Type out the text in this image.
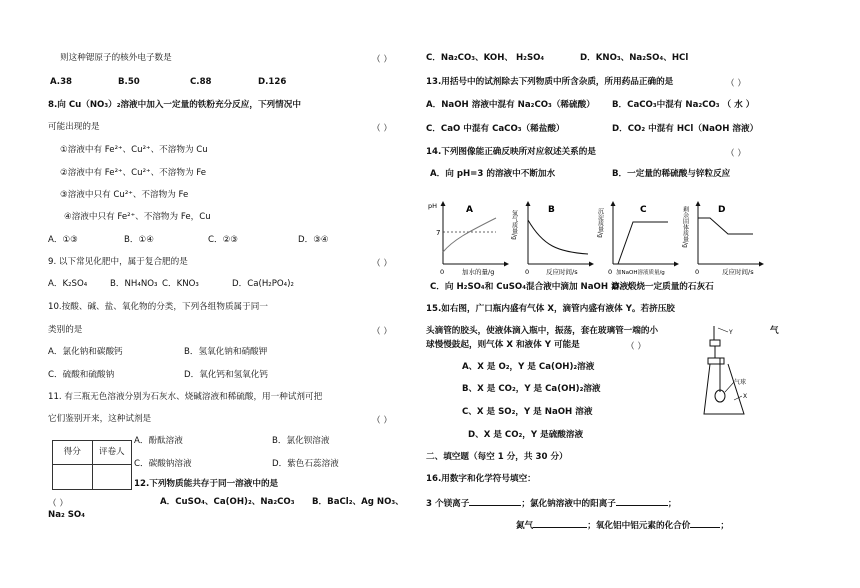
则这种锶原子的核外电子数是	（ ）
A.38	B.50	C.88	D.126
8.向 Cu（NO₃）₂溶液中加入一定量的铁粉充分反应，下列情况中
可能出现的是	（ ）
①溶液中有 Fe²⁺、Cu²⁺、不溶物为 Cu
②溶液中有 Fe²⁺、Cu²⁺、不溶物为 Fe
③溶液中只有 Cu²⁺、不溶物为 Fe
④溶液中只有 Fe²⁺、不溶物为 Fe，Cu
A．①③	B．①④	C．②③	D．③④
9. 以下常见化肥中，属于复合肥的是	（ ）
A．K₂SO₄	B．NH₄NO₃ C．KNO₃	D．Ca(H₂PO₄)₂
10.按酸、碱、盐、氧化物的分类，下列各组物质属于同一
类别的是	（ ）
A．氯化钠和碳酸钙	B．氢氧化钠和硝酸钾
C．硫酸和硫酸钠	D．氧化钙和氢氧化钙
11. 有三瓶无色溶液分别为石灰水、烧碱溶液和稀硫酸，用一种试剂可把
它们鉴别开来，这种试剂是	（ ）
得分	评卷人
A．酚酞溶液	B．氯化钡溶液
C．碳酸钠溶液	D．紫色石蕊溶液
12.下列物质能共存于同一溶液中的是
（ ）	A．CuSO₄、Ca(OH)₂、Na₂CO₃ B．BaCl₂、Ag NO₃、
Na₂ SO₄
C．Na₂CO₃、KOH、 H₂SO₄	D．KNO₃、Na₂SO₄、HCl
13.用括号中的试剂除去下列物质中所含杂质，所用药品正确的是	（ ）
A．NaOH 溶液中混有 Na₂CO₃（稀硫酸） B．CaCO₃中混有 Na₂CO₃ （ 水 ）
C．CaO 中混有 CaCO₃（稀盐酸）	D．CO₂ 中混有 HCl（NaOH 溶液）
14.下列图像能正确反映所对应叙述关系的是	（ ）
A．向 pH=3 的溶液中不断加水	B．一定量的稀硫酸与锌粒反应
pH
7
A
0	加水的量/g
氢气质量/g	B
0	反应时间/s
沉淀质量/g	C
0 加NaOH溶液质量/g
剩余固体质量/g	D
0	反应时间/s
C．向 H₂SO₄和 CuSO₄混合液中滴加 NaOH 溶液
D．煅烧一定质量的石灰石
15.如右图，广口瓶内盛有气体 X，滴管内盛有液体 Y。若挤压胶
头滴管的胶头，使液体滴入瓶中，振荡，套在玻璃管一端的小	气
球慢慢鼓起，则气体 X 和液体 Y 可能是	（ ）
Y
气球
X
A、X 是 O₂，Y 是 Ca(OH)₂溶液
B、X 是 CO₂，Y 是 Ca(OH)₂溶液
C、X 是 SO₂，Y 是 NaOH 溶液
D、X 是 CO₂，Y 是硫酸溶液
二、填空题（每空 1 分，共 30 分）
16.用数字和化学符号填空：
3 个镁离子	；氯化钠溶液中的阳离子	；
氮气	；氧化铝中铝元素的化合价	；
